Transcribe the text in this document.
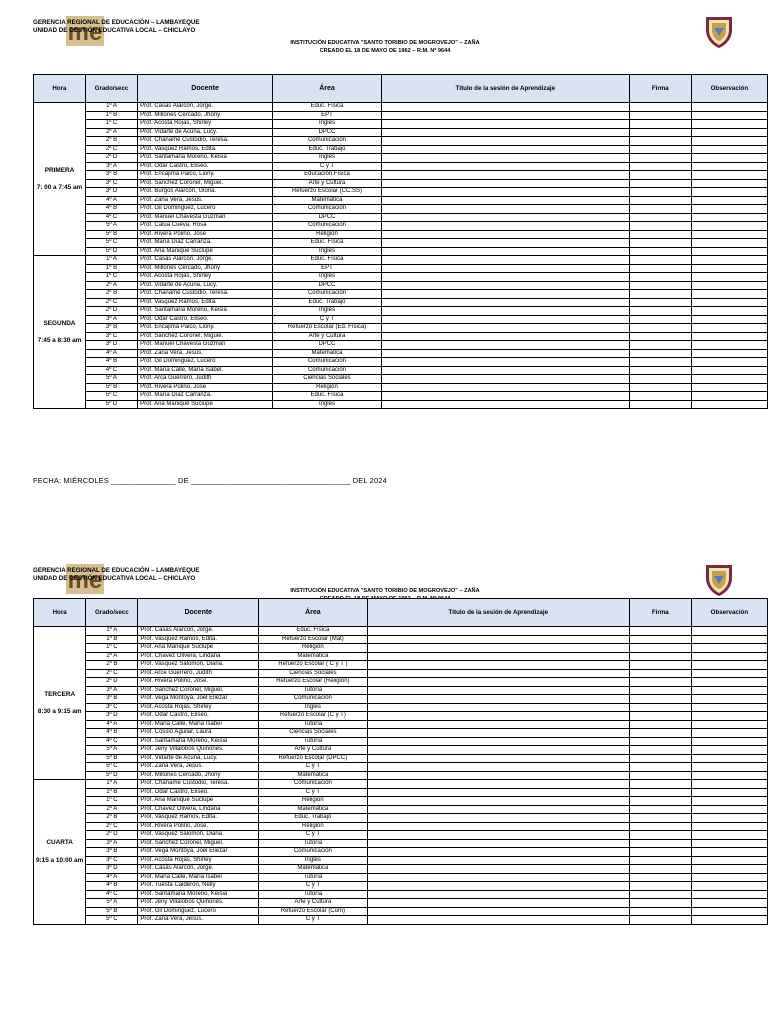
GERENCIA REGIONAL DE EDUCACIÓN – LAMBAYEQUE
UNIDAD DE GESTIÓN EDUCATIVA LOCAL – CHICLAYO
me	INSTITUCIÓN EDUCATIVA "SANTO TORIBIO DE MOGROVEJO" – ZAÑA
CREADO EL 18 DE MAYO DE 1962 – R.M. Nº 9644
Hora	Grado/secc	Docente	Área	Título de la sesión de Aprendizaje	Firma	Observación

PRIMERA
7: 00 a 7:45 am	1º A	Prof. Casas Alarcón, Jorge.	Educ. Física			
	1º B	Prof. Millones Cercado, Jhony	EPT			
	1º C	Prof. Acosta Rojas, Shirley	Inglés			
	2º A	Prof. Vidarte de Acuña, Lucy.	DPCC			
	2º B	Prof. Chaname Custodio, Teresa.	Comunicación			
	2º C	Prof. Vasquez Ramos, Edita.	Educ. Trabajo			
	2º D	Prof. Santamaria Moreno, Keisia	Inglés			
	3º A	Prof. Odar Castro, Eliseo.	C y T			
	3º B	Prof. Encajima Paico, Liony.	Educación Física			
	3º C	Prof. Sánchez Coronel, Miguel.	Arte y Cultura			
	3º D	Prof. Burgos Alarcón, Gloria.	Refuerzo Escolar (CC.SS)			
	4º A	Prof. Zaña Vera, Jesús.	Matemática			
	4º B	Prof. Gil Dominguez, Lucero	Comunicación			
	4º C	Prof. Manuel Chavesta Guzmán	DPCC			
	5º A	Prof. Calua Cueva, Rosa	Comunicación			
	5º B	Prof. Rivera Polino, Jose	Religión			
	5º C	Prof. María Díaz Carranza.	Educ. Física			
	5º D	Prof. Ana Manique Suclupe	Inglés			

SEGUNDA
7:45 a 8:30 am	1º A	Prof. Casas Alarcón, Jorge.	Educ. Física			
	1º B	Prof. Millones Cercado, Jhony	EPT			
	1º C	Prof. Acosta Rojas, Shirley	Inglés			
	2º A	Prof. Vidarte de Acuña, Lucy.	DPCC			
	2º B	Prof. Chaname Custodio, Teresa.	Comunicación			
	2º C	Prof. Vasquez Ramos, Edita.	Educ. Trabajo			
	2º D	Prof. Santamaria Moreno, Keisia	Inglés			
	3º A	Prof. Odar Castro, Eliseo.	C y T			
	3º B	Prof. Encajima Paico, Liony.	Refuerzo Escolar (Ed. Física)			
	3º C	Prof. Sanchez Coronel, Miguel.	Arte y Cultura			
	3º D	Prof. Manuel Chavesta Guzmán	DPCC			
	4º A	Prof. Zaña Vera, Jesús.	Matemática			
	4º B	Prof. Gil Dominguez, Lucero	Comunicación			
	4º C	Prof. María Calle, María Isabel.	Comunicación			
	5º A	Prof. Arca Guerrero, Judith	Ciencias Sociales			
	5º B	Prof. Rivera Polino, Jose	Religión			
	5º C	Prof. María Díaz Carranza.	Educ. Física			
	5º D	Prof. Ana Manique Suclupe	Inglés			
FECHA: MIÉRCOLES _______________ DE _____________________________________ DEL 2024
GERENCIA REGIONAL DE EDUCACIÓN – LAMBAYEQUE
UNIDAD DE GESTIÓN EDUCATIVA LOCAL – CHICLAYO
me	INSTITUCIÓN EDUCATIVA "SANTO TORIBIO DE MOGROVEJO" – ZAÑA
Hora	Grado/secc	Docente	Área	Título de la sesión de Aprendizaje	Firma	Observación

TERCERA
8:30 a 9:15 am	1º A	Prof. Casas Alarcón, Jorge.	Educ. Física			
	1º B	Prof. Vasquez Ramos, Edita.	Refuerzo Escolar (Mat)			
	1º C	Prof. Ana Manique Suclupe	Religión			
	2º A	Prof. Chavez Olivera, Lindana	Matemática			
	2º B	Prof. Vasquez Salomon, Diana.	Refuerzo Escolar ( C y T )			
	2º C	Prof. Arce Guerrero, Judith	Ciencias Sociales			
	2º D	Prof. Rivera Polino, Jose.	Refuerzo Escolar (Religión)			
	3º A	Prof. Sánchez Coronel, Miguel.	Tutoría			
	3º B	Prof. Vega Montoya, Joel Eliezar	Comunicación			
	3º C	Prof. Acosta Rojas, Shirley	Inglés			
	3º D	Prof. Odar Castro, Eliseo.	Refuerzo Escolar (C y T)			
	4º A	Prof. María Calle, María Isabel	Tutoría			
	4º B	Prof. Cossio Aguilar, Laura	Ciencias Sociales			
	4º C	Prof. Santamaria Moreno, Keisia	Tutoría			
	5º A	Prof. Jeny Villalobos Quiñones.	Arte y Cultura			
	5º B	Prof. Vidarte de Acuña, Lucy.	Refuerzo Escolar (DPCC)			
	5º C	Prof. Zaña Vera, Jesús.	C y T			
	5º D	Prof. Millones Cercado, Jhony	Matemática			

CUARTA
9:15 a 10:00 am	1º A	Prof. Chaname Custodio, Teresa.	Comunicación			
	1º B	Prof. Odar Castro, Eliseo.	C y T			
	1º C	Prof. Ana Manique Suclupe	Religión			
	2º A	Prof. Chavez Olivera, Lindana	Matemática			
	2º B	Prof. Vasquez Ramos, Edita.	Educ. Trabajo			
	2º C	Prof. Rivera Polino, Jose.	Religión			
	2º D	Prof. Vasquez Salomon, Diana.	C y T			
	3º A	Prof. Sánchez Coronel, Miguel.	Tutoría			
	3º B	Prof. Vega Montoya, Joel Eliezar	Comunicación			
	3º C	Prof. Acosta Rojas, Shirley	Inglés			
	3º D	Prof. Casas Alarcón, Jorge.	Matemática			
	4º A	Prof. María Calle, María Isabel	Tutoría			
	4º B	Prof. Tuesta Calderón, Nelly	C y T			
	4º C	Prof. Santamaria Moreno, Keisia	Tutoría			
	5º A	Prof. Jeny Villalobos Quiñones.	Arte y Cultura			
	5º B	Prof. Gil Dominguez, Lucero	Refuerzo Escolar (Com)			
	5º C	Prof. Zaña Vera, Jesús.	C y T			
